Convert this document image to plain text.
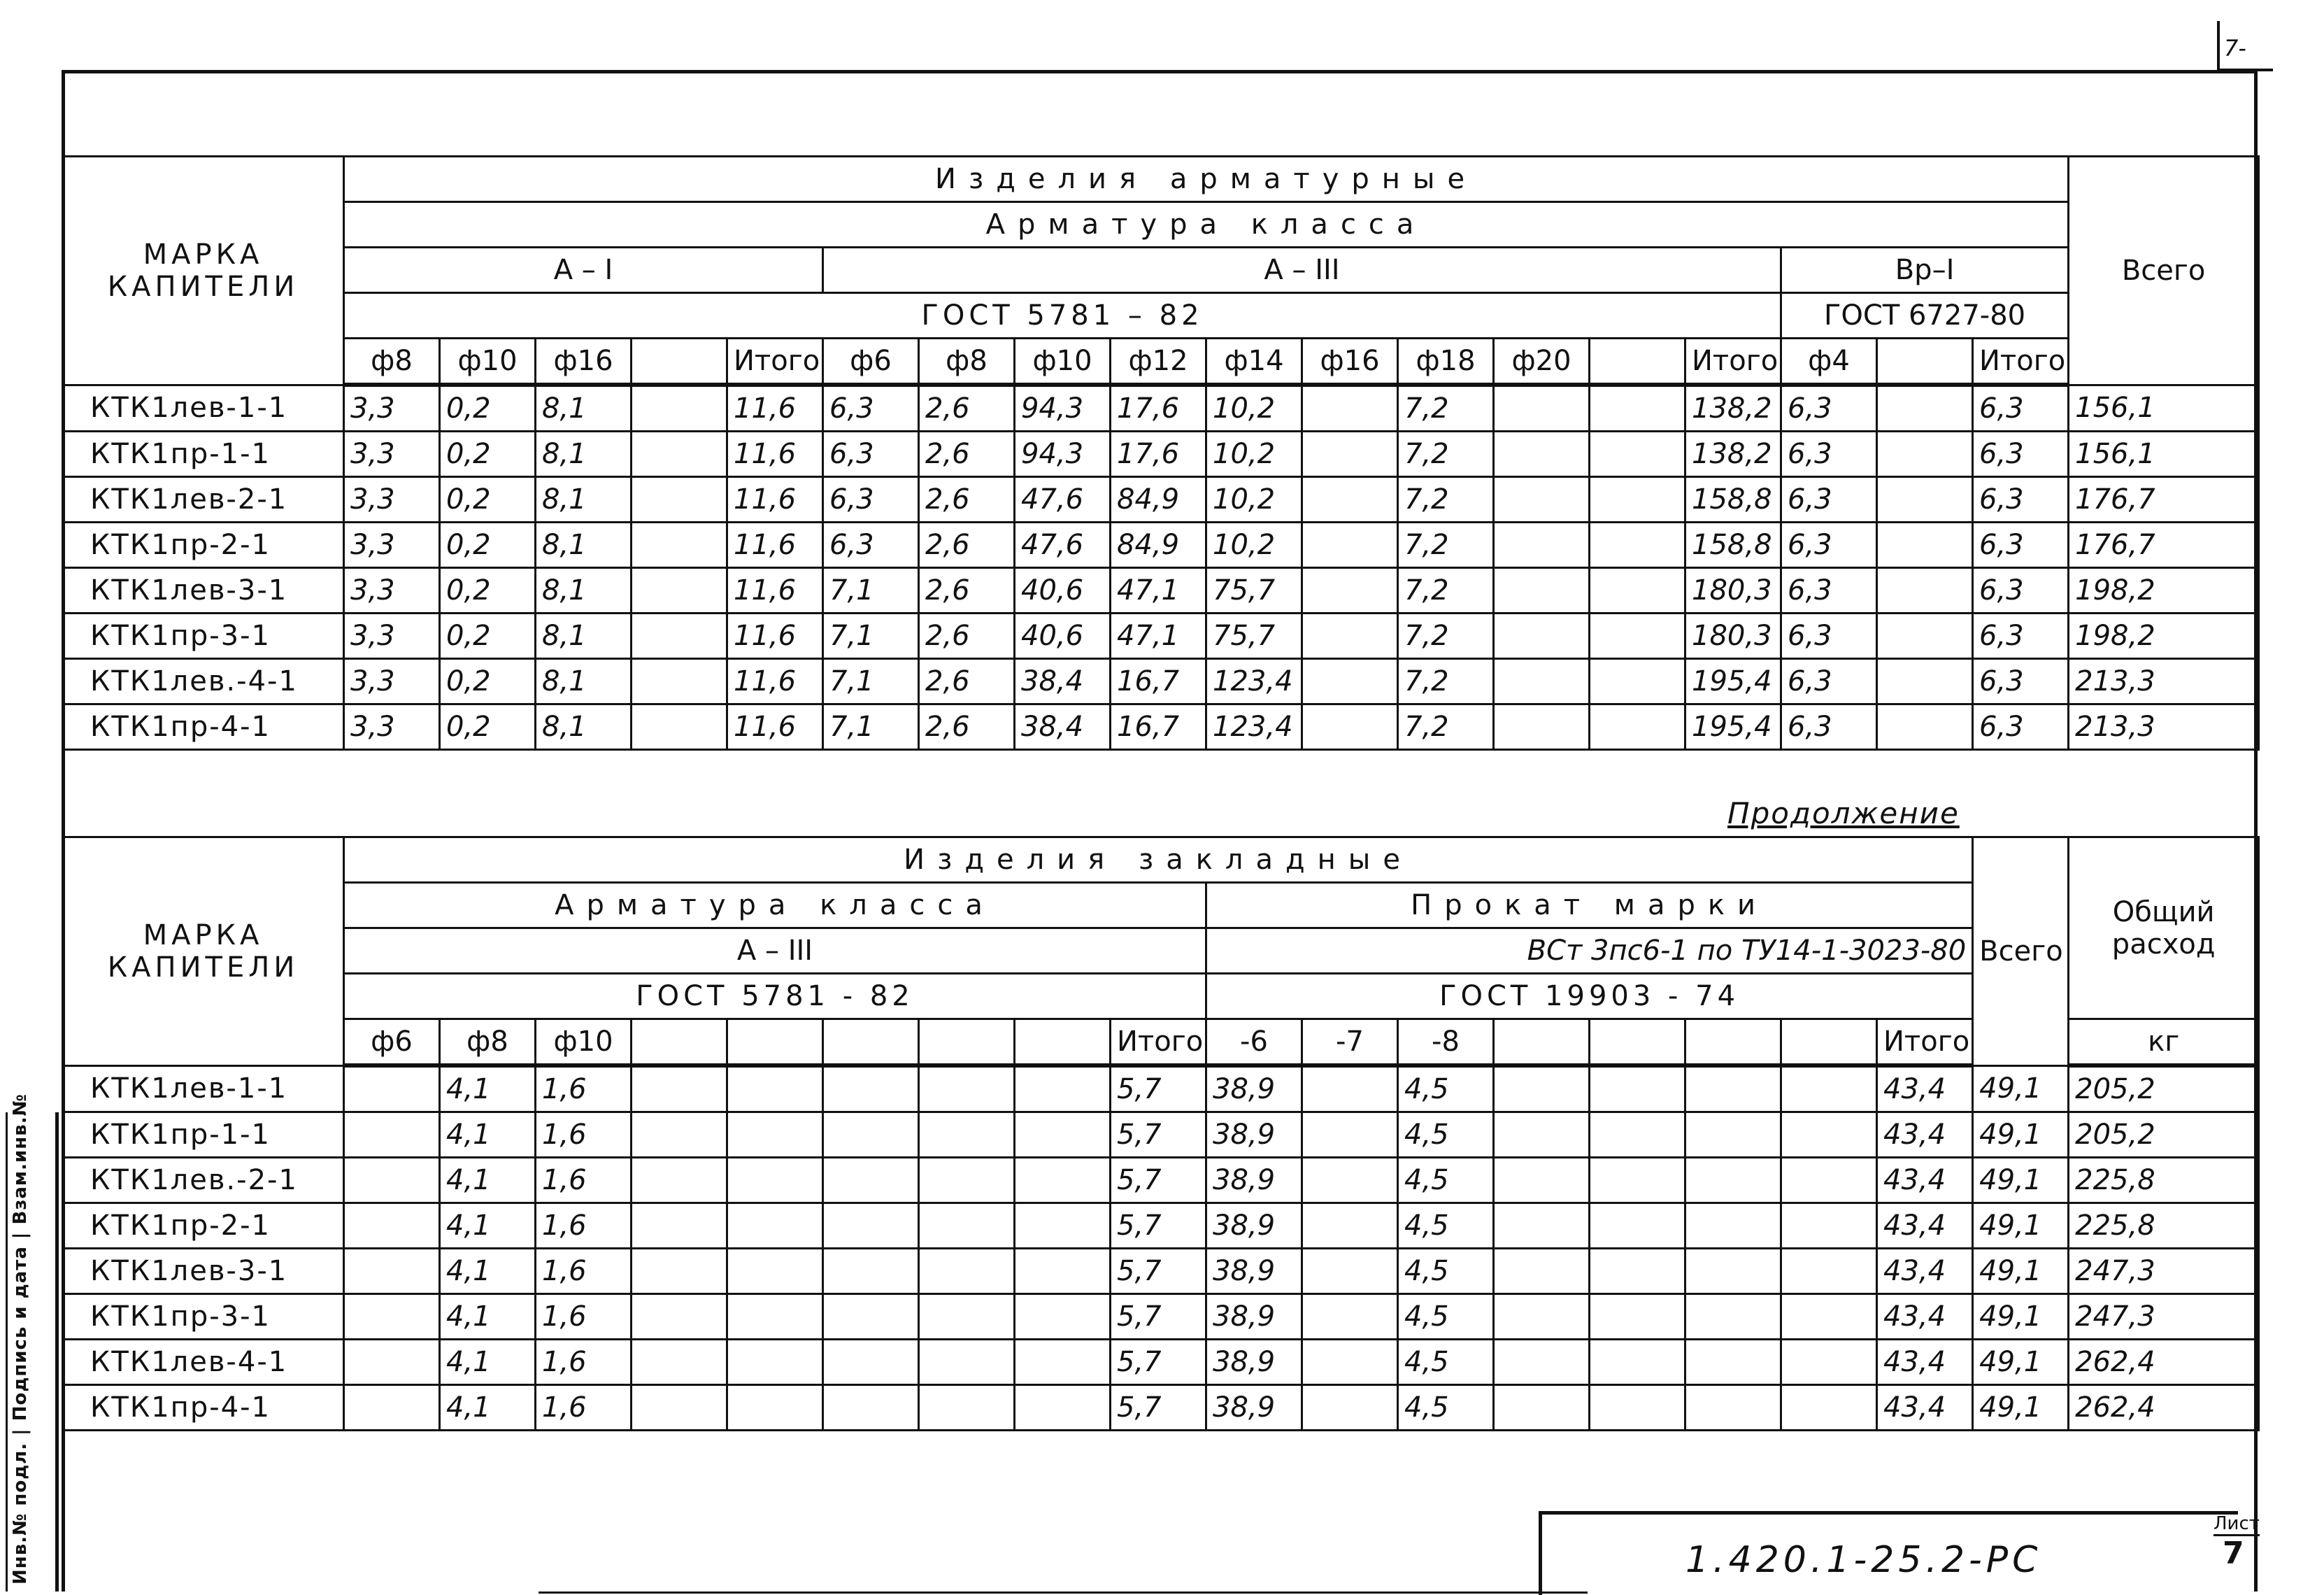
7-
МАРКА КАПИТЕЛИ	Изделия арматурные																		Всего
	Арматура класса																		
	А – I					А – III										Вр–I			
	ГОСТ 5781 – 82															ГОСТ 6727-80			
	ф8	ф10	ф16		Итого	ф6	ф8	ф10	ф12	ф14	ф16	ф18	ф20		Итого	ф4		Итого	
КТК1лев-1-1	3,3	0,2	8,1		11,6	6,3	2,6	94,3	17,6	10,2		7,2			138,2	6,3		6,3	156,1
КТК1пр-1-1	3,3	0,2	8,1		11,6	6,3	2,6	94,3	17,6	10,2		7,2			138,2	6,3		6,3	156,1
КТК1лев-2-1	3,3	0,2	8,1		11,6	6,3	2,6	47,6	84,9	10,2		7,2			158,8	6,3		6,3	176,7
КТК1пр-2-1	3,3	0,2	8,1		11,6	6,3	2,6	47,6	84,9	10,2		7,2			158,8	6,3		6,3	176,7
КТК1лев-3-1	3,3	0,2	8,1		11,6	7,1	2,6	40,6	47,1	75,7		7,2			180,3	6,3		6,3	198,2
КТК1пр-3-1	3,3	0,2	8,1		11,6	7,1	2,6	40,6	47,1	75,7		7,2			180,3	6,3		6,3	198,2
КТК1лев.-4-1	3,3	0,2	8,1		11,6	7,1	2,6	38,4	16,7	123,4		7,2			195,4	6,3		6,3	213,3
КТК1пр-4-1	3,3	0,2	8,1		11,6	7,1	2,6	38,4	16,7	123,4		7,2			195,4	6,3		6,3	213,3
Продолжение
МАРКА КАПИТЕЛИ	Изделия закладные																	Всего	Общий расход
	Арматура класса									Прокат марки									
	А – III									ВСт 3пс6-1 по ТУ14-1-3023-80									
	ГОСТ 5781 - 82									ГОСТ 19903 - 74									
	ф6	ф8	ф10						Итого	-6	-7	-8					Итого		кг
КТК1лев-1-1		4,1	1,6						5,7	38,9		4,5					43,4	49,1	205,2
КТК1пр-1-1		4,1	1,6						5,7	38,9		4,5					43,4	49,1	205,2
КТК1лев.-2-1		4,1	1,6						5,7	38,9		4,5					43,4	49,1	225,8
КТК1пр-2-1		4,1	1,6						5,7	38,9		4,5					43,4	49,1	225,8
КТК1лев-3-1		4,1	1,6						5,7	38,9		4,5					43,4	49,1	247,3
КТК1пр-3-1		4,1	1,6						5,7	38,9		4,5					43,4	49,1	247,3
КТК1лев-4-1		4,1	1,6						5,7	38,9		4,5					43,4	49,1	262,4
КТК1пр-4-1		4,1	1,6						5,7	38,9		4,5					43,4	49,1	262,4
1.420.1-25.2-РС
Лист
7
Инв.№ подл. | Подпись и дата | Взам.инв.№
